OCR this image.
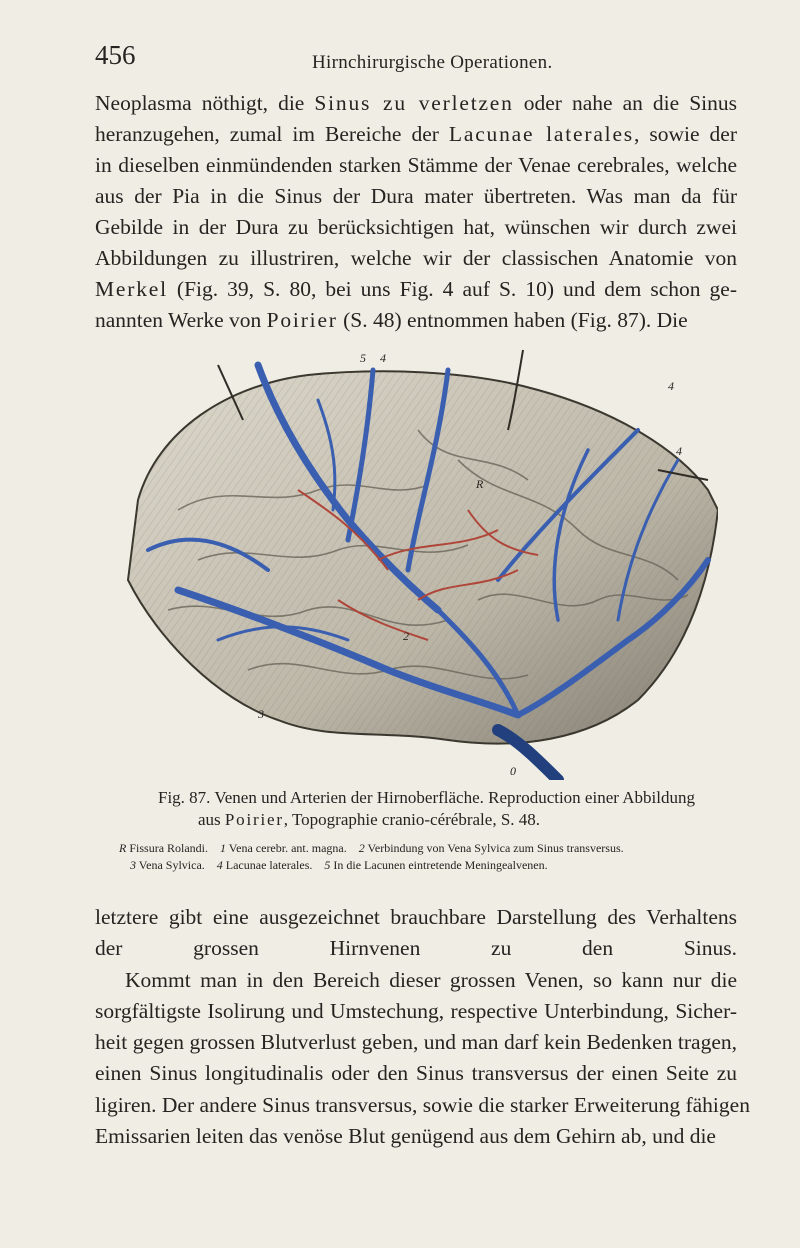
456	Hirnchirurgische Operationen.
Neoplasma nöthigt, die Sinus zu verletzen oder nahe an die Sinus
heranzugehen, zumal im Bereiche der Lacunae laterales, sowie der
in dieselben einmündenden starken Stämme der Venae cerebrales, welche
aus der Pia in die Sinus der Dura mater übertreten. Was man da für
Gebilde in der Dura zu berücksichtigen hat, wünschen wir durch zwei
Abbildungen zu illustriren, welche wir der classischen Anatomie von
Merkel (Fig. 39, S. 80, bei uns Fig. 4 auf S. 10) und dem schon ge-
nannten Werke von Poirier (S. 48) entnommen haben (Fig. 87). Die
5 4
4
4
R
2
3
0
Fig. 87. Venen und Arterien der Hirnoberfläche. Reproduction einer Abbildung
aus Poirier, Topographie cranio-cérébrale, S. 48.
R Fissura Rolandi. 1 Vena cerebr. ant. magna. 2 Verbindung von Vena Sylvica zum Sinus transversus.
3 Vena Sylvica. 4 Lacunae laterales. 5 In die Lacunen eintretende Meningealvenen.
letztere gibt eine ausgezeichnet brauchbare Darstellung des Verhaltens
der grossen Hirnvenen zu den Sinus.
Kommt man in den Bereich dieser grossen Venen, so kann nur die
sorgfältigste Isolirung und Umstechung, respective Unterbindung, Sicher-
heit gegen grossen Blutverlust geben, und man darf kein Bedenken tragen,
einen Sinus longitudinalis oder den Sinus transversus der einen Seite zu
ligiren. Der andere Sinus transversus, sowie die starker Erweiterung fähigen
Emissarien leiten das venöse Blut genügend aus dem Gehirn ab, und die
